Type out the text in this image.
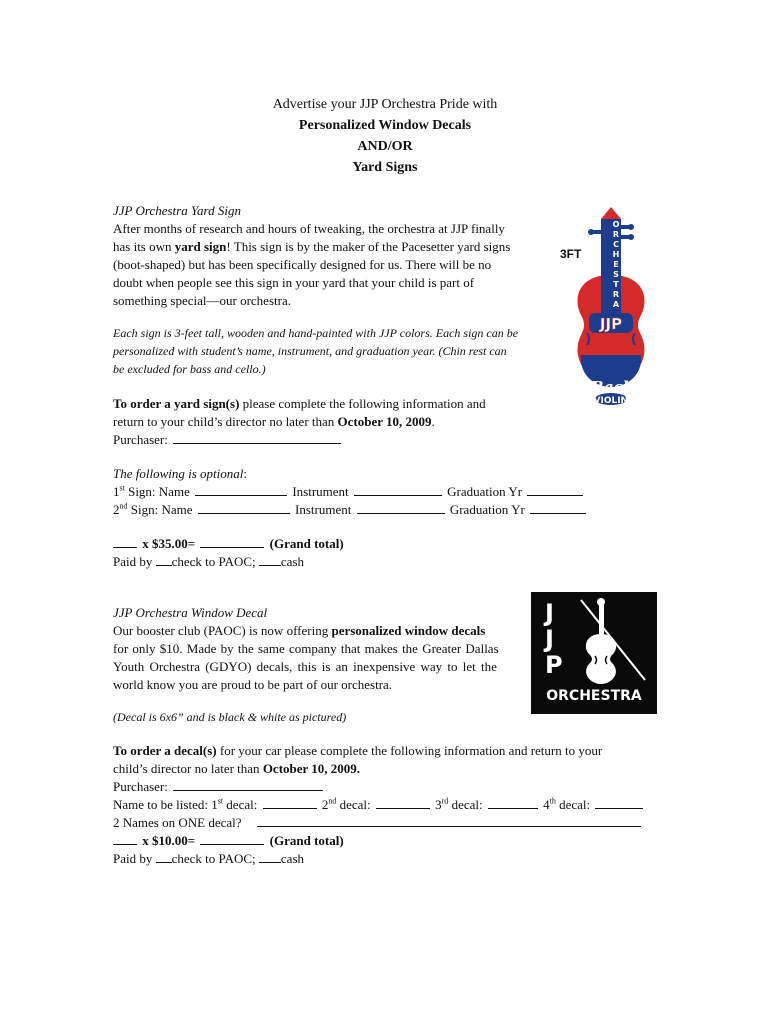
Advertise your JJP Orchestra Pride with
Personalized Window Decals
AND/OR
Yard Signs
JJP Orchestra Yard Sign
After months of research and hours of tweaking, the orchestra at JJP finally
has its own yard sign! This sign is by the maker of the Pacesetter yard signs
(boot-shaped) but has been specifically designed for us. There will be no
doubt when people see this sign in your yard that your child is part of
something special—our orchestra.
Each sign is 3-feet tall, wooden and hand-painted with JJP colors. Each sign can be
personalized with student’s name, instrument, and graduation year. (Chin rest can
be excluded for bass and cello.)
To order a yard sign(s) please complete the following information and
return to your child’s director no later than October 10, 2009.
Purchaser:
The following is optional:
1st Sign: Name	Instrument	Graduation Yr
2nd Sign: Name	Instrument	Graduation Yr
x $35.00=	(Grand total)
Paid by check to PAOC; cash
JJP
O
R
C
H
E
S
T
R
A
Rachel
VIOLIN '08
3FT
JJP Orchestra Window Decal
Our booster club (PAOC) is now offering personalized window decals
for only $10. Made by the same company that makes the Greater Dallas
Youth Orchestra (GDYO) decals, this is an inexpensive way to let the
world know you are proud to be part of our orchestra.
(Decal is 6x6” and is black & white as pictured)
To order a decal(s) for your car please complete the following information and return to your
child’s director no later than October 10, 2009.
Purchaser:
Name to be listed: 1st decal:	2nd decal:	3rd decal:	4th decal:
2 Names on ONE decal?
x $10.00=	(Grand total)
Paid by check to PAOC; cash
J
J
P
ORCHESTRA
